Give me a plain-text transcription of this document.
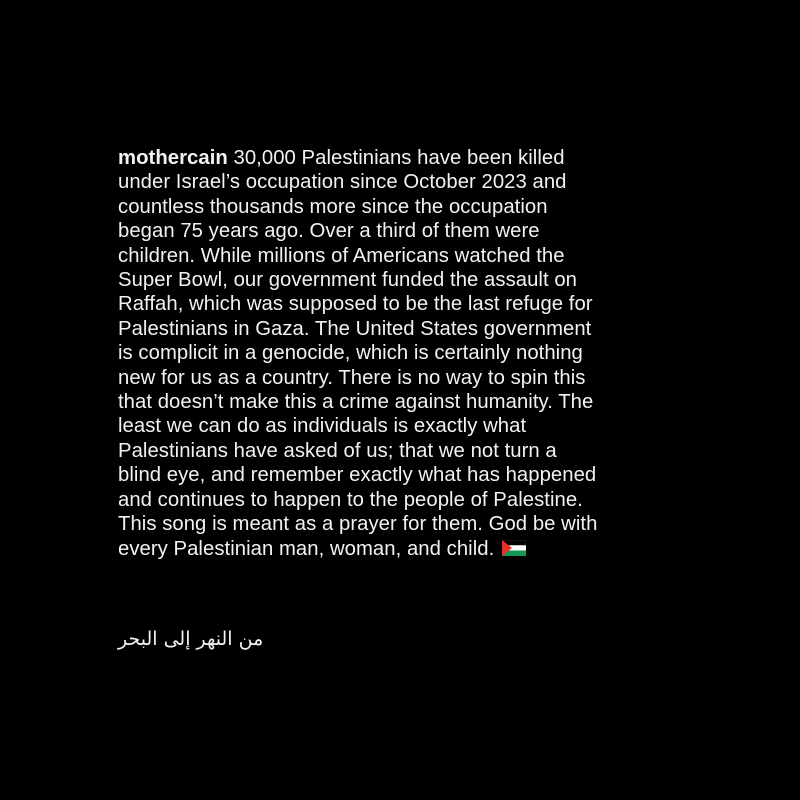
mothercain 30,000 Palestinians have been killed
under Israel’s occupation since October 2023 and
countless thousands more since the occupation
began 75 years ago. Over a third of them were
children. While millions of Americans watched the
Super Bowl, our government funded the assault on
Raffah, which was supposed to be the last refuge for
Palestinians in Gaza. The United States government
is complicit in a genocide, which is certainly nothing
new for us as a country. There is no way to spin this
that doesn’t make this a crime against humanity. The
least we can do as individuals is exactly what
Palestinians have asked of us; that we not turn a
blind eye, and remember exactly what has happened
and continues to happen to the people of Palestine.
This song is meant as a prayer for them. God be with
every Palestinian man, woman, and child.

من النهر إلى البحر
